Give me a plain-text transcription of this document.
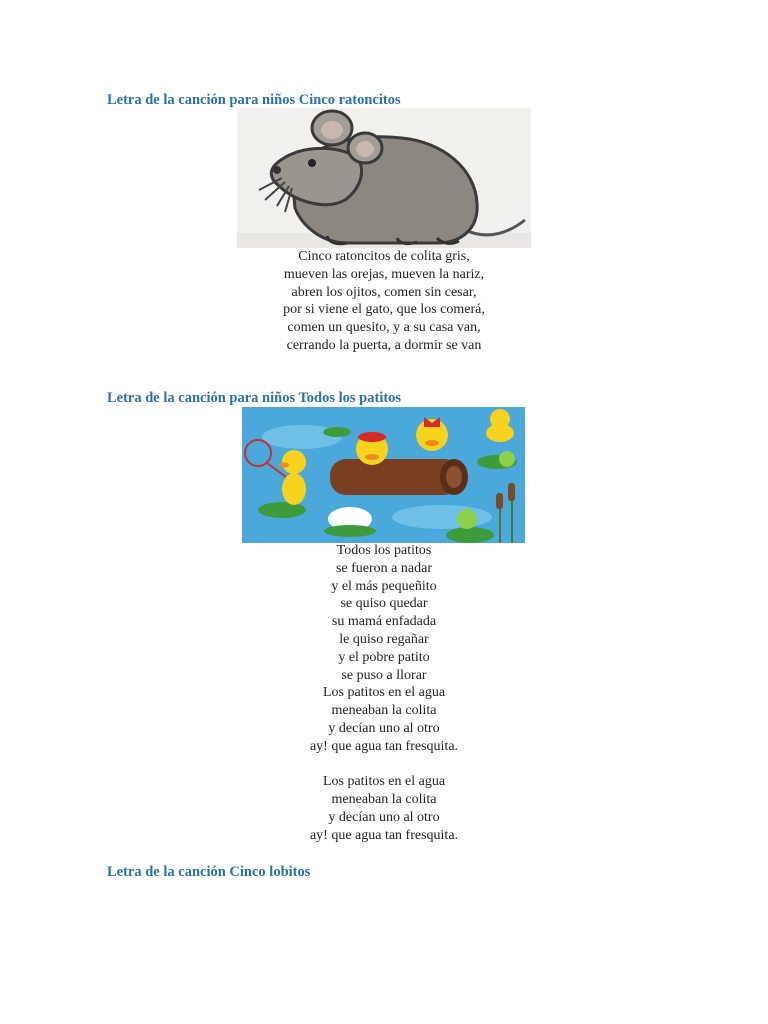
Letra de la canción para niños Cinco ratoncitos
Cinco ratoncitos de colita gris,
mueven las orejas, mueven la nariz,
abren los ojitos, comen sin cesar,
por si viene el gato, que los comerá,
comen un quesito, y a su casa van,
cerrando la puerta, a dormir se van
Letra de la canción para niños Todos los patitos
Todos los patitos
se fueron a nadar
y el más pequeñito
se quiso quedar
su mamá enfadada
le quiso regañar
y el pobre patito
se puso a llorar
Los patitos en el agua
meneaban la colita
y decían uno al otro
ay! que agua tan fresquita.
Los patitos en el agua
meneaban la colita
y decían uno al otro
ay! que agua tan fresquita.
Letra de la canción Cinco lobitos
